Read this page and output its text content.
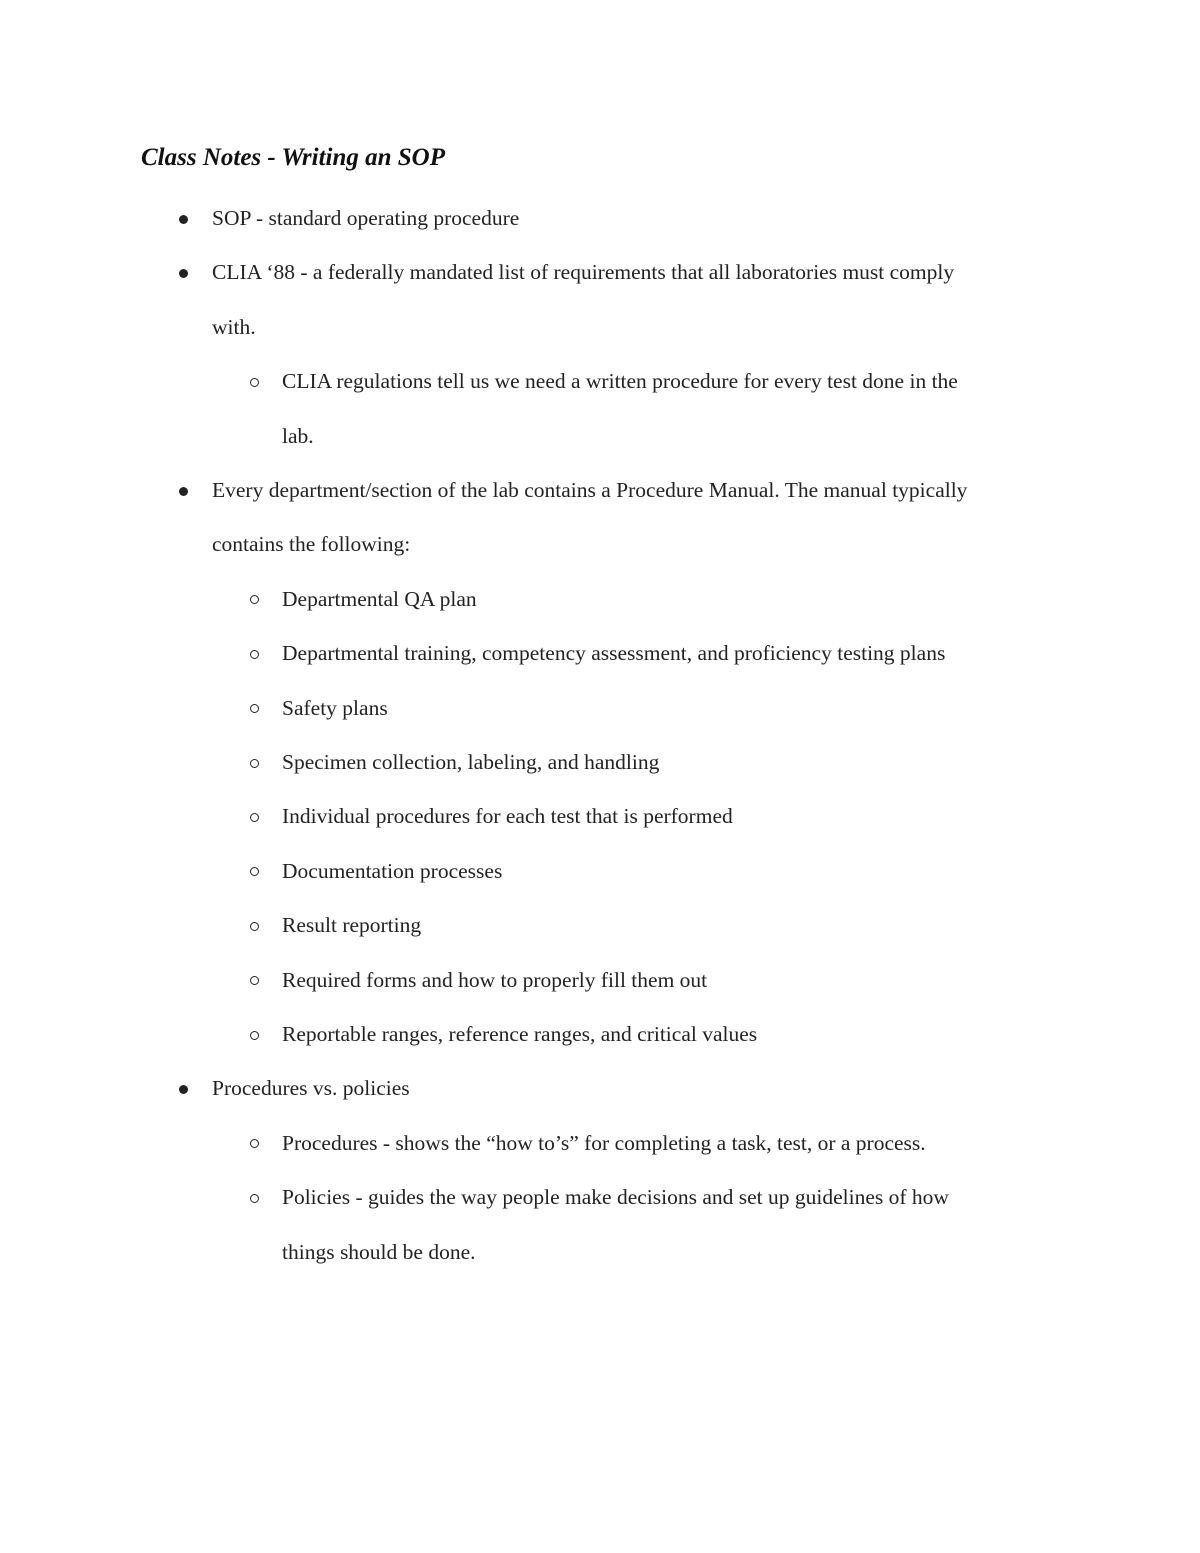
Class Notes - Writing an SOP
SOP - standard operating procedure
CLIA ‘88 - a federally mandated list of requirements that all laboratories must comply
with.
CLIA regulations tell us we need a written procedure for every test done in the
lab.
Every department/section of the lab contains a Procedure Manual. The manual typically
contains the following:
Departmental QA plan
Departmental training, competency assessment, and proficiency testing plans
Safety plans
Specimen collection, labeling, and handling
Individual procedures for each test that is performed
Documentation processes
Result reporting
Required forms and how to properly fill them out
Reportable ranges, reference ranges, and critical values
Procedures vs. policies
Procedures - shows the “how to’s” for completing a task, test, or a process.
Policies - guides the way people make decisions and set up guidelines of how
things should be done.
